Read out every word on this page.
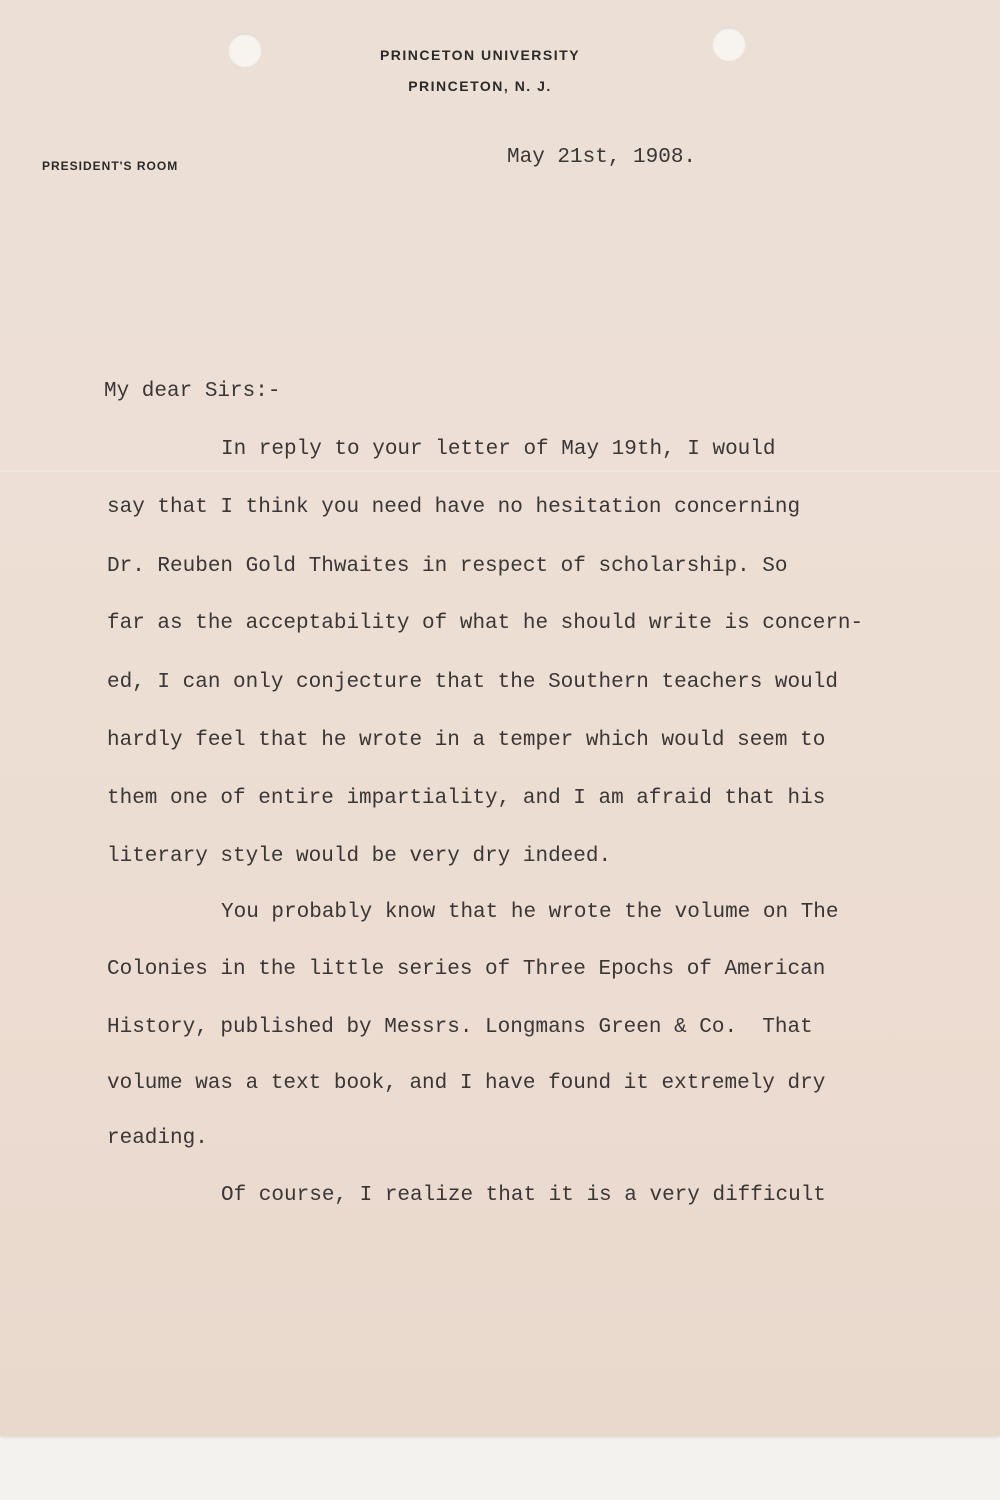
PRINCETON UNIVERSITY
PRINCETON, N. J.
PRESIDENT'S ROOM	May 21st, 1908.
My dear Sirs:-
In reply to your letter of May 19th, I would
say that I think you need have no hesitation concerning
Dr. Reuben Gold Thwaites in respect of scholarship. So
far as the acceptability of what he should write is concern-
ed, I can only conjecture that the Southern teachers would
hardly feel that he wrote in a temper which would seem to
them one of entire impartiality, and I am afraid that his
literary style would be very dry indeed.
You probably know that he wrote the volume on The
Colonies in the little series of Three Epochs of American
History, published by Messrs. Longmans Green & Co.  That
volume was a text book, and I have found it extremely dry
reading.
Of course, I realize that it is a very difficult
